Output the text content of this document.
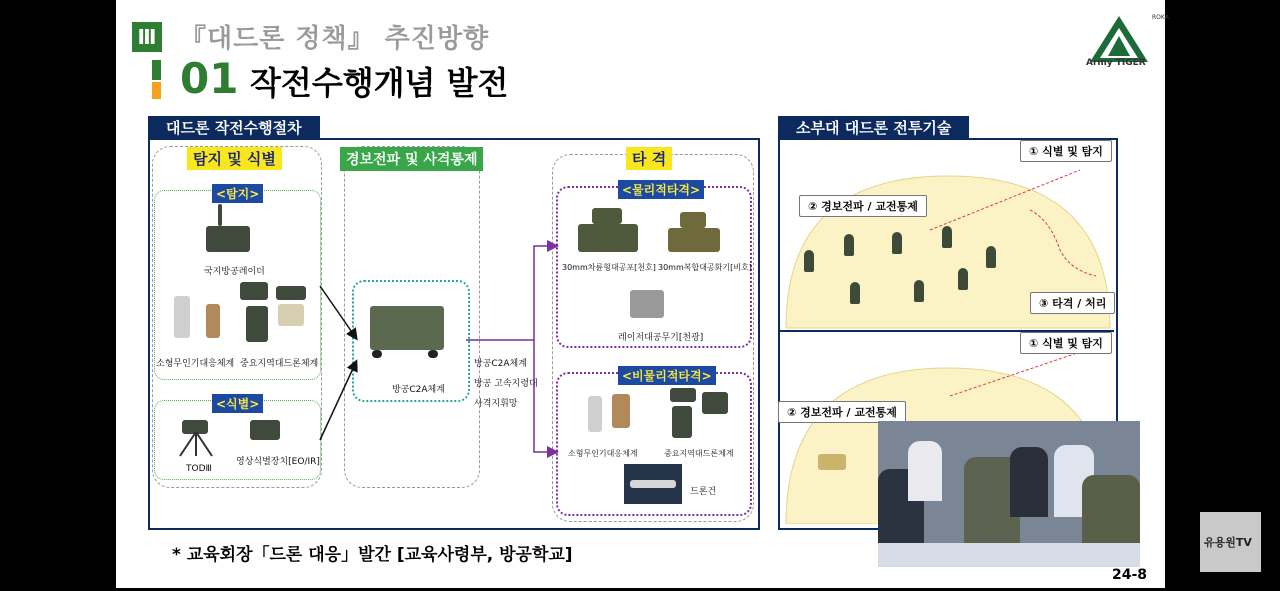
Ⅲ 『대드론 정책』 추진방향
01 작전수행개념 발전
ROKA
Army TIGER
대드론 작전수행절차
탐지 및 식별
<탐지>
국지방공레이더
소형무인기대응체계 중요지역대드론체계
<식별>
TODⅢ
영상식별장치[EO/IR]
경보전파 및 사격통제
방공C2A체계
방공C2A체계
방공 고속지령대
사격지휘망
타 격
<물리적타격>
30mm차륜형대공포[천호] 30mm복합대공화기[비호]
레이저대공무기[천광]
<비물리적타격>
소형무인기대응체계	중요지역대드론체계
드론건
소부대 대드론 전투기술
① 식별 및 탐지
② 경보전파 / 교전통제
③ 타격 / 처리
① 식별 및 탐지
② 경보전파 / 교전통제
* 교육회장「드론 대응」발간 [교육사령부, 방공학교]
24-8
유용원TV
